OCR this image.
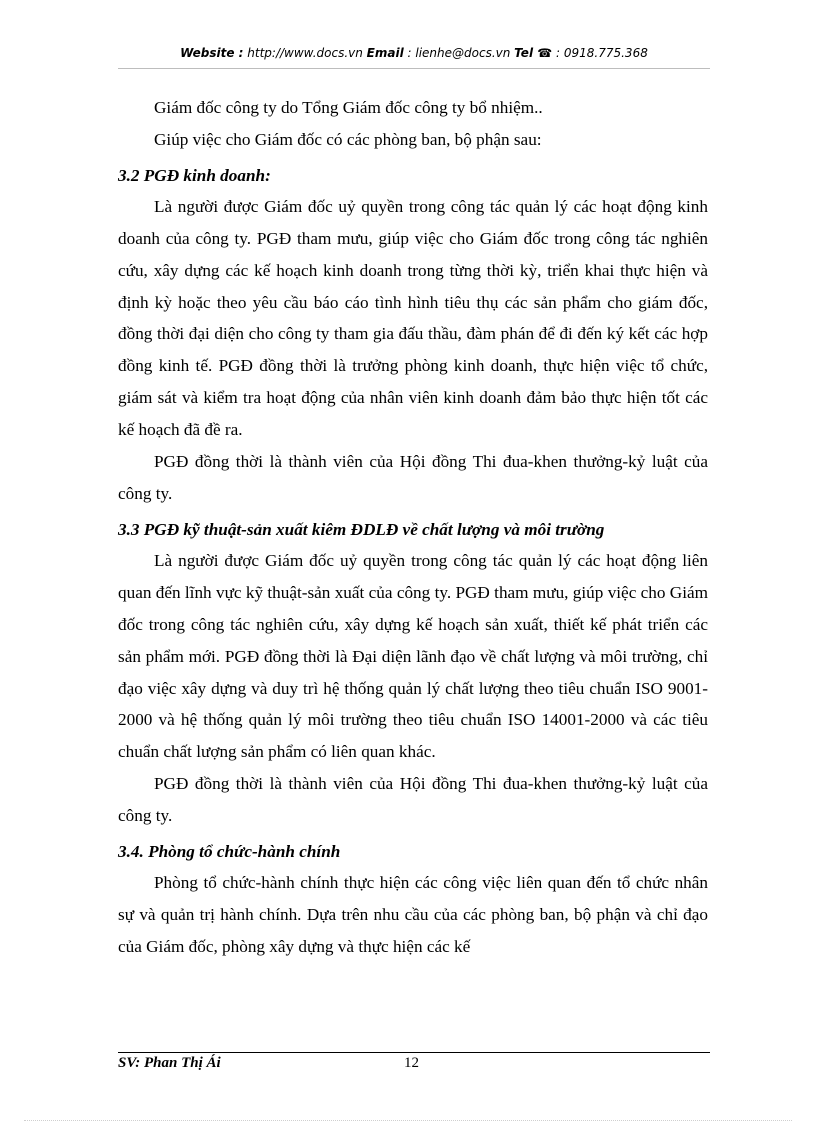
Website : http://www.docs.vn Email : lienhe@docs.vn Tel ☎ : 0918.775.368

Giám đốc công ty do Tổng Giám đốc công ty bổ nhiệm..

Giúp việc cho Giám đốc có các phòng ban, bộ phận sau:

3.2 PGĐ kinh doanh:

Là người được Giám đốc uỷ quyền trong công tác quản lý các hoạt động kinh doanh của công ty. PGĐ tham mưu, giúp việc cho Giám đốc trong công tác nghiên cứu, xây dựng các kế hoạch kinh doanh trong từng thời kỳ, triển khai thực hiện và định kỳ hoặc theo yêu cầu báo cáo tình hình tiêu thụ các sản phẩm cho giám đốc, đồng thời đại diện cho công ty tham gia đấu thầu, đàm phán để đi đến ký kết các hợp đồng kinh tế. PGĐ đồng thời là trưởng phòng kinh doanh, thực hiện việc tổ chức, giám sát và kiểm tra hoạt động của nhân viên kinh doanh đảm bảo thực hiện tốt các kế hoạch đã đề ra.

PGĐ đồng thời là thành viên của Hội đồng Thi đua-khen thưởng-kỷ luật của công ty.

3.3 PGĐ kỹ thuật-sản xuất kiêm ĐDLĐ về chất lượng và môi trường

Là người được Giám đốc uỷ quyền trong công tác quản lý các hoạt động liên quan đến lĩnh vực kỹ thuật-sản xuất của công ty. PGĐ tham mưu, giúp việc cho Giám đốc trong công tác nghiên cứu, xây dựng kế hoạch sản xuất, thiết kế phát triển các sản phẩm mới. PGĐ đồng thời là Đại diện lãnh đạo về chất lượng và môi trường, chỉ đạo việc xây dựng và duy trì hệ thống quản lý chất lượng theo tiêu chuẩn ISO 9001-2000 và hệ thống quản lý môi trường theo tiêu chuẩn ISO 14001-2000 và các tiêu chuẩn chất lượng sản phẩm có liên quan khác.

PGĐ đồng thời là thành viên của Hội đồng Thi đua-khen thưởng-kỷ luật của công ty.

3.4. Phòng tổ chức-hành chính

Phòng tổ chức-hành chính thực hiện các công việc liên quan đến tổ chức nhân sự và quản trị hành chính. Dựa trên nhu cầu của các phòng ban, bộ phận và chỉ đạo của Giám đốc, phòng xây dựng và thực hiện các kế

SV: Phan Thị Ái	12
